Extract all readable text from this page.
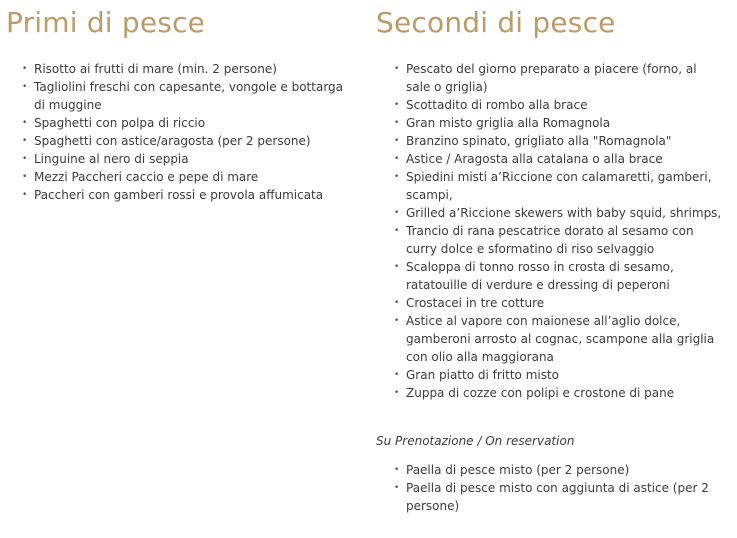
Primi di pesce
• Risotto ai frutti di mare (min. 2 persone)
• Tagliolini freschi con capesante, vongole e bottarga di muggine
• Spaghetti con polpa di riccio
• Spaghetti con astice/aragosta (per 2 persone)
• Linguine al nero di seppia
• Mezzi Paccheri caccio e pepe di mare
• Paccheri con gamberi rossi e provola affumicata
Secondi di pesce
• Pescato del giorno preparato a piacere (forno, al sale o griglia)
• Scottadito di rombo alla brace
• Gran misto griglia alla Romagnola
• Branzino spinato, grigliato alla "Romagnola"
• Astice / Aragosta alla catalana o alla brace
• Spiedini misti a’Riccione con calamaretti, gamberi, scampi,
• Grilled a’Riccione skewers with baby squid, shrimps,
• Trancio di rana pescatrice dorato al sesamo con curry dolce e sformatino di riso selvaggio
• Scaloppa di tonno rosso in crosta di sesamo, ratatouille di verdure e dressing di peperoni
• Crostacei in tre cotture
• Astice al vapore con maionese all’aglio dolce, gamberoni arrosto al cognac, scampone alla griglia con olio alla maggiorana
• Gran piatto di fritto misto
• Zuppa di cozze con polipi e crostone di pane

Su Prenotazione / On reservation

• Paella di pesce misto (per 2 persone)
• Paella di pesce misto con aggiunta di astice (per 2 persone)
